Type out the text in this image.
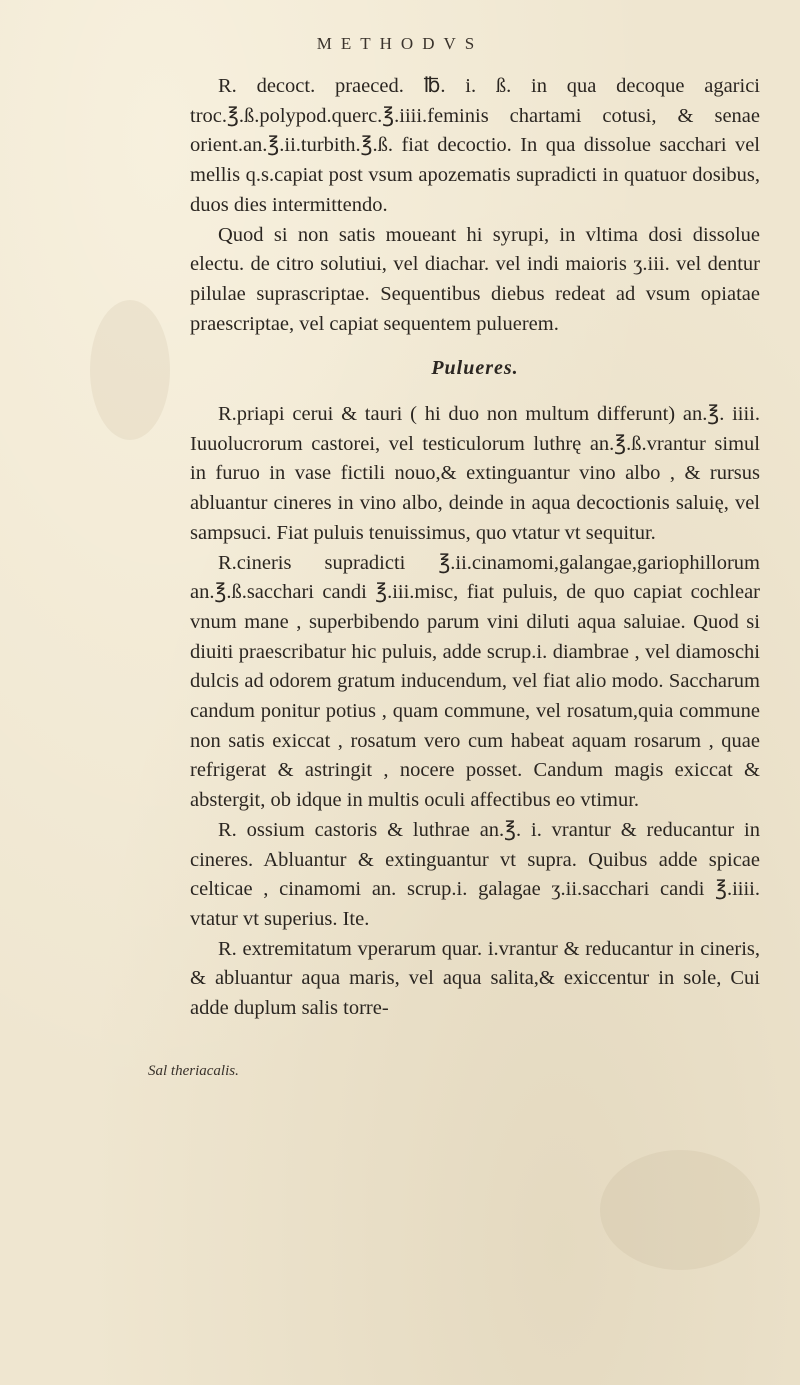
METHODVS

R. decoct. praeced. ℔. i. ß. in qua decoque agarici troc.℥.ß.polypod.querc.℥.iiii.feminis chartami cotusi, & senae orient.an.℥.ii.turbith.℥.ß. fiat decoctio. In qua dissolue sacchari vel mellis q.s.capiat post vsum apozematis supradicti in quatuor dosibus, duos dies intermittendo.

Quod si non satis moueant hi syrupi, in vltima dosi dissolue electu. de citro solutiui, vel diachar. vel indi maioris ʒ.iii. vel dentur pilulae suprascriptae. Sequentibus diebus redeat ad vsum opiatae praescriptae, vel capiat sequentem puluerem.

Pulueres.

R.priapi cerui & tauri ( hi duo non multum differunt) an.℥. iiii. Iuuolucrorum castorei, vel testiculorum luthrę an.℥.ß.vrantur simul in furuo in vase fictili nouo,& extinguantur vino albo , & rursus abluantur cineres in vino albo, deinde in aqua decoctionis saluię, vel sampsuci. Fiat puluis tenuissimus, quo vtatur vt sequitur.

R.cineris supradicti ℥.ii.cinamomi,galangae,gariophillorum an.℥.ß.sacchari candi ℥.iii.misc, fiat puluis, de quo capiat cochlear vnum mane , superbibendo parum vini diluti aqua saluiae. Quod si diuiti praescribatur hic puluis, adde scrup.i. diambrae , vel diamoschi dulcis ad odorem gratum inducendum, vel fiat alio modo. Saccharum candum ponitur potius , quam commune, vel rosatum,quia commune non satis exiccat , rosatum vero cum habeat aquam rosarum , quae refrigerat & astringit , nocere posset. Candum magis exiccat & abstergit, ob idque in multis oculi affectibus eo vtimur.

R. ossium castoris & luthrae an.℥. i. vrantur & reducantur in cineres. Abluantur & extinguantur vt supra. Quibus adde spicae celticae , cinamomi an. scrup.i. galagae ʒ.ii.sacchari candi ℥.iiii. vtatur vt superius. Ite.

R. extremitatum vperarum quar. i.vrantur & reducantur in cineris, & abluantur aqua maris, vel aqua salita,& exiccentur in sole, Cui adde duplum salis torre-

Sal theriacalis.
